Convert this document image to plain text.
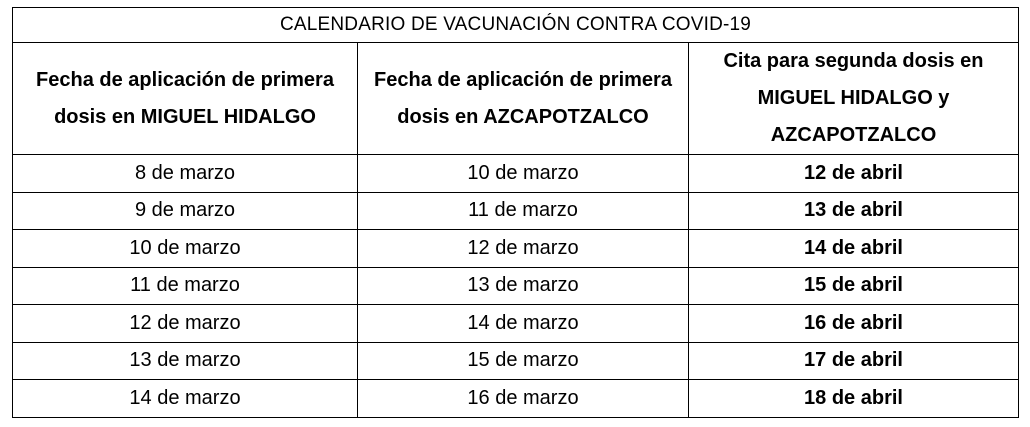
CALENDARIO DE VACUNACIÓN CONTRA COVID-19		
Fecha de aplicación de primera dosis en MIGUEL HIDALGO	Fecha de aplicación de primera dosis en AZCAPOTZALCO	Cita para segunda dosis en MIGUEL HIDALGO y AZCAPOTZALCO
8 de marzo	10 de marzo	12 de abril
9 de marzo	11 de marzo	13 de abril
10 de marzo	12 de marzo	14 de abril
11 de marzo	13 de marzo	15 de abril
12 de marzo	14 de marzo	16 de abril
13 de marzo	15 de marzo	17 de abril
14 de marzo	16 de marzo	18 de abril
